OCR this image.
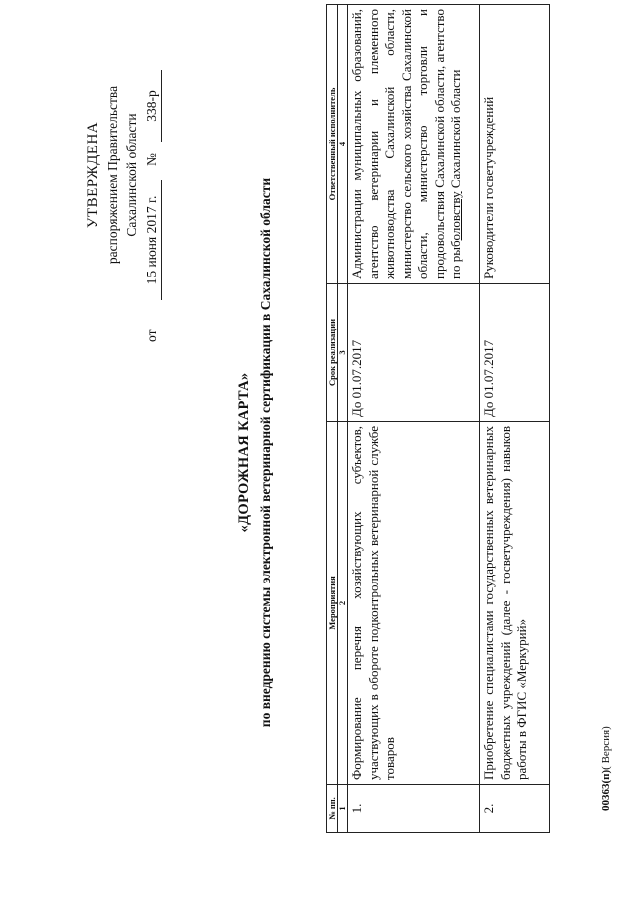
УТВЕРЖДЕНА распоряжением Правительства Сахалинской области
от
15 июня 2017 г.
№
338-р
«ДОРОЖНАЯ КАРТА» по внедрению системы электронной ветеринарной сертификации в Сахалинской области
№ пп.	Мероприятия	Срок реализации	Ответственный исполнитель
1	2	3	4
1.	Формирование перечня хозяйствующих субъектов, участвующих в обороте подконтрольных ветеринарной службе товаров	До 01.07.2017	Администрации муниципальных образований, агентство ветеринарии и племенного животноводства Сахалинской области, министерство сельского хозяйства Сахалинской области, министерство торговли и продовольствия Сахалинской области, агентство по рыболовству Сахалинской области
2.	Приобретение специалистами государственных ветеринарных бюджетных учреждений (далее - госветучреждения) навыков работы в ФГИС «Меркурий»	До 01.07.2017	Руководители госветучреждений
00363(п)( Версия)
